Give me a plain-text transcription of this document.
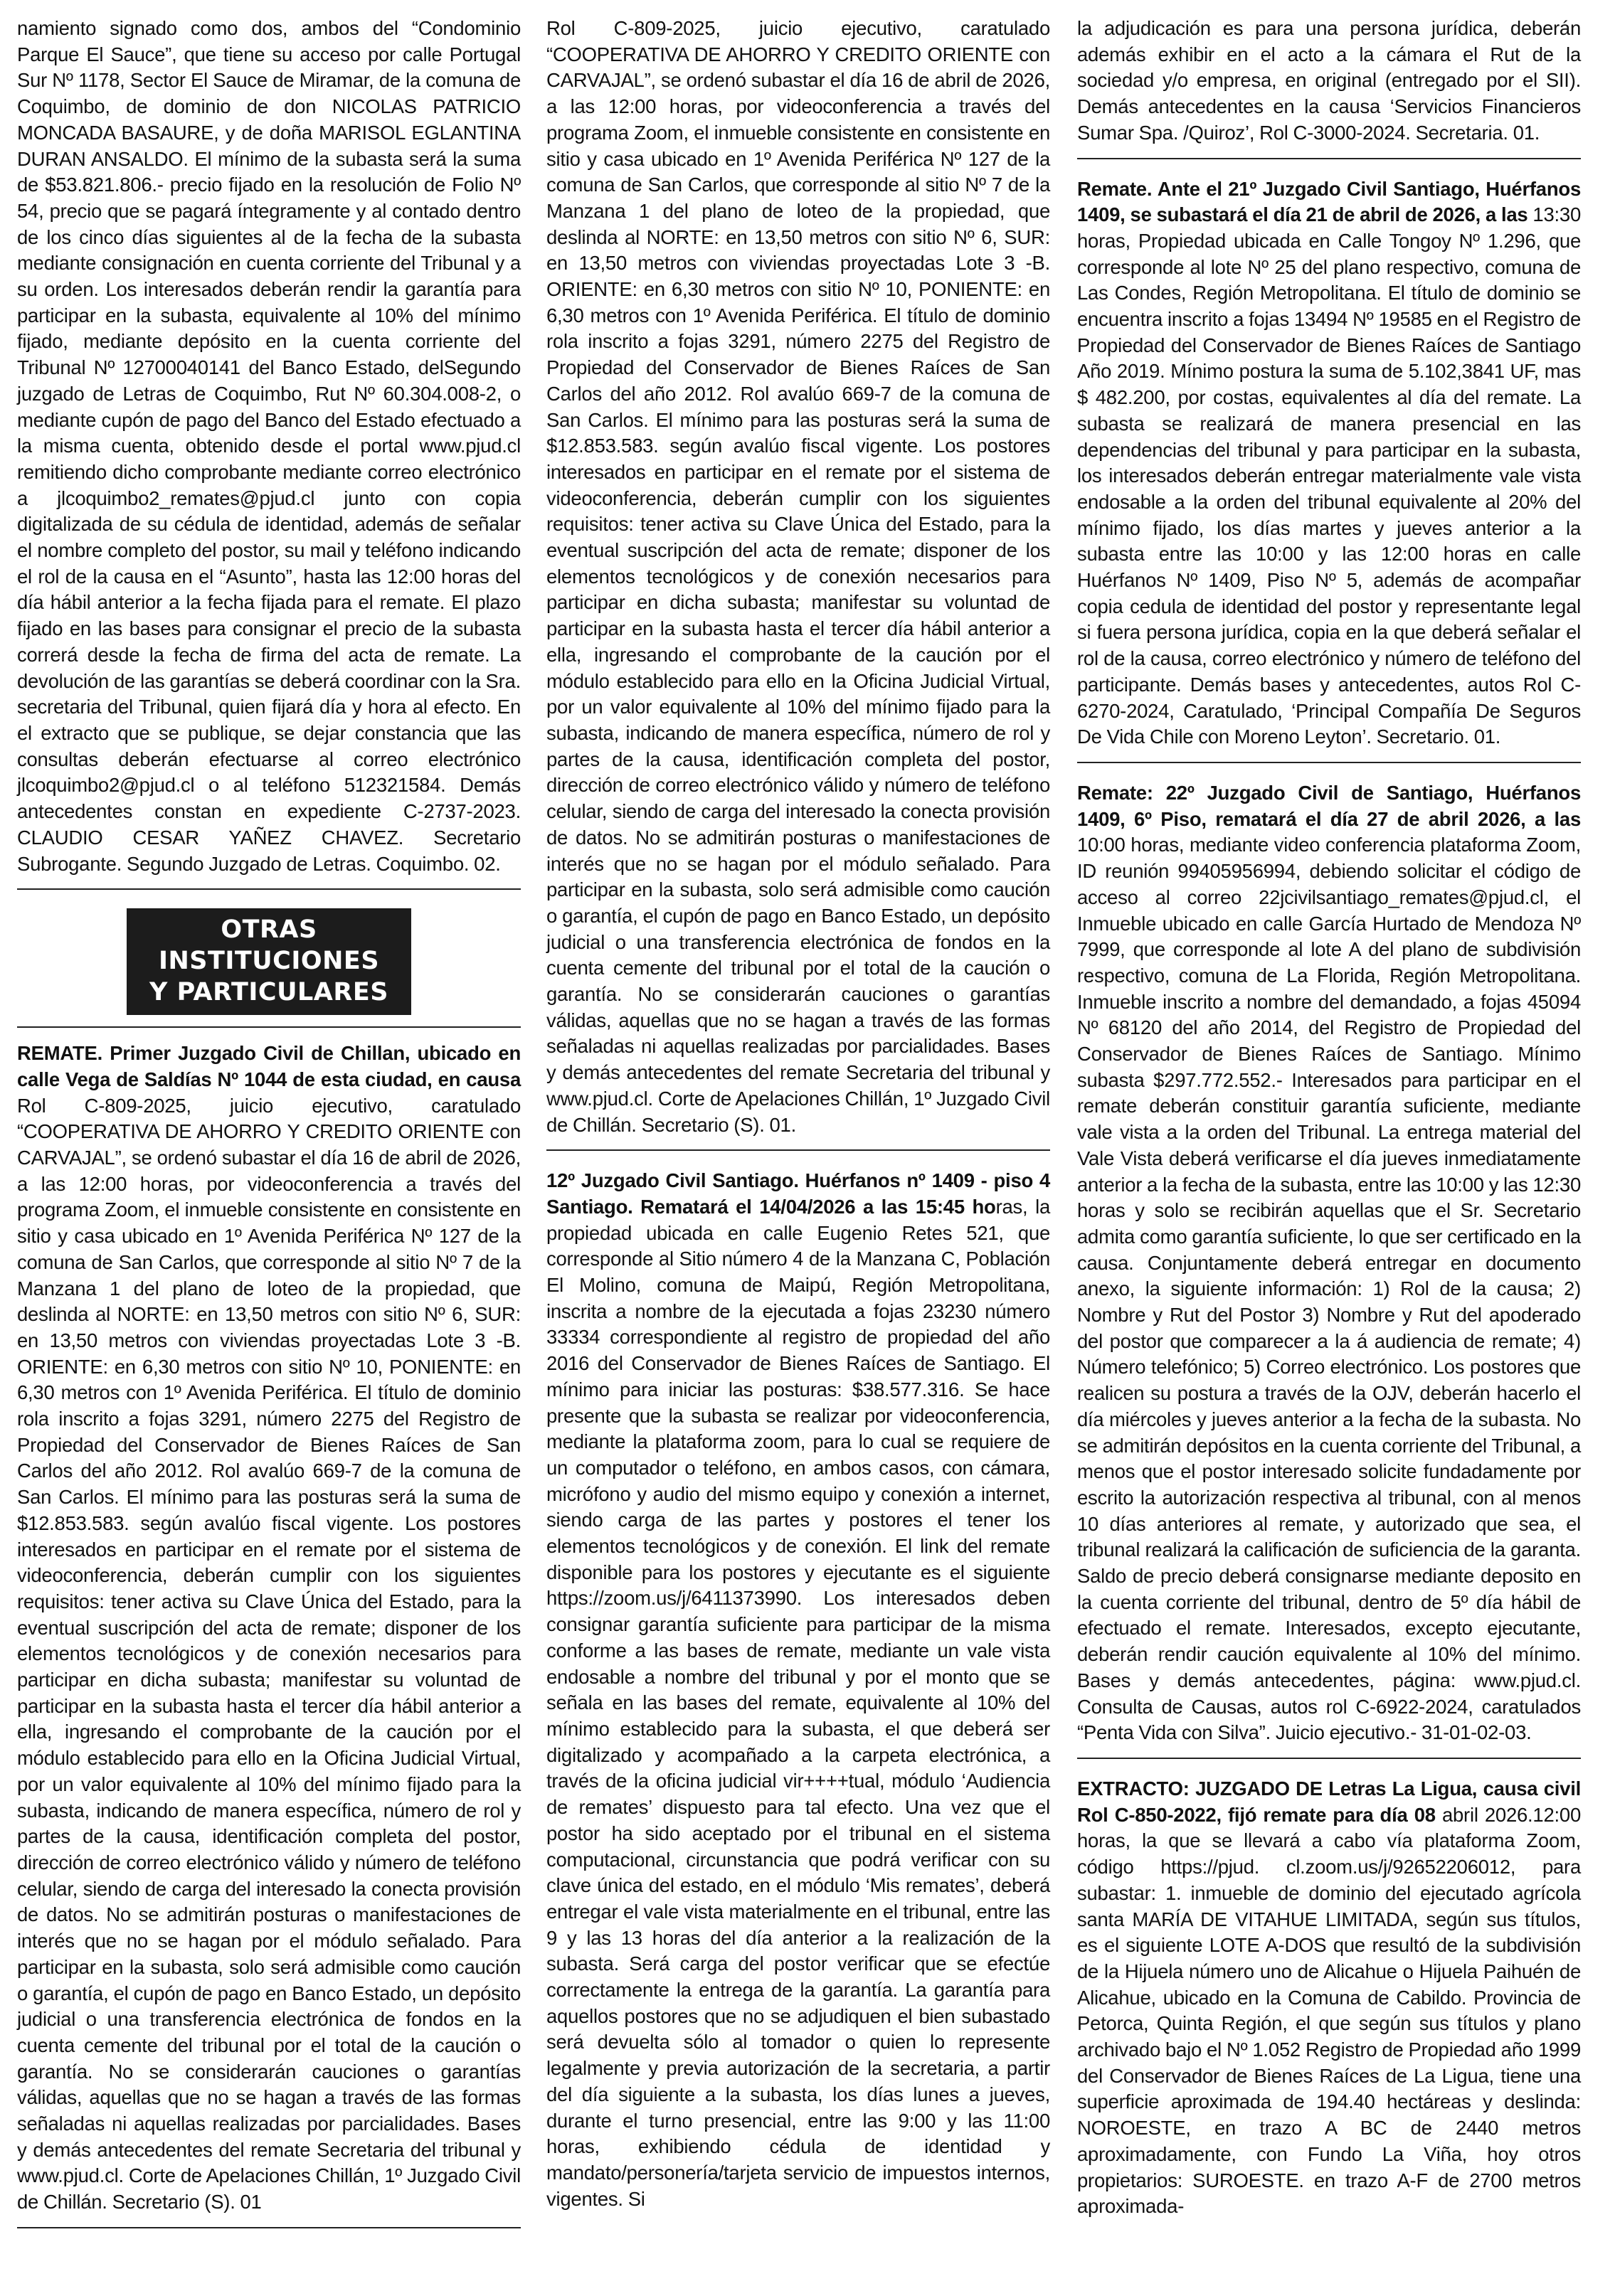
namiento signado como dos, ambos del “Condominio Parque El Sauce”, que tiene su acceso por calle Portugal Sur Nº 1178, Sector El Sauce de Miramar, de la comuna de Coquimbo, de dominio de don NICOLAS PATRICIO MONCADA BASAURE, y de doña MARISOL EGLANTINA DURAN ANSALDO. El mínimo de la subasta será la suma de $53.821.806.- precio fijado en la resolución de Folio Nº 54, precio que se pagará íntegramente y al contado dentro de los cinco días siguientes al de la fecha de la subasta mediante consignación en cuenta corriente del Tribunal y a su orden. Los interesados deberán rendir la garantía para participar en la subasta, equivalente al 10% del mínimo fijado, mediante depósito en la cuenta corriente del Tribunal Nº 12700040141 del Banco Estado, delSegundo juzgado de Letras de Coquimbo, Rut Nº 60.304.008-2, o mediante cupón de pago del Banco del Estado efectuado a la misma cuenta, obtenido desde el portal www.pjud.cl remitiendo dicho comprobante mediante correo electrónico a jlcoquimbo2_remates@pjud.cl junto con copia digitalizada de su cédula de identidad, además de señalar el nombre completo del postor, su mail y teléfono indicando el rol de la causa en el “Asunto”, hasta las 12:00 horas del día hábil anterior a la fecha fijada para el remate. El plazo fijado en las bases para consignar el precio de la subasta correrá desde la fecha de firma del acta de remate. La devolución de las garantías se deberá coordinar con la Sra. secretaria del Tribunal, quien fijará día y hora al efecto. En el extracto que se publique, se dejar constancia que las consultas deberán efectuarse al correo electrónico jlcoquimbo2@pjud.cl o al teléfono 512321584. Demás antecedentes constan en expediente C-2737-2023. CLAUDIO CESAR YAÑEZ CHAVEZ. Secretario Subrogante. Segundo Juzgado de Letras. Coquimbo. 02.

OTRAS INSTITUCIONES
Y PARTICULARES

REMATE. Primer Juzgado Civil de Chillan, ubicado en calle Vega de Saldías Nº 1044 de esta ciudad, en causa Rol C-809-2025, juicio ejecutivo, caratulado “COOPERATIVA DE AHORRO Y CREDITO ORIENTE con CARVAJAL”, se ordenó subastar el día 16 de abril de 2026, a las 12:00 horas, por videoconferencia a través del programa Zoom, el inmueble consistente en consistente en sitio y casa ubicado en 1º Avenida Periférica Nº 127 de la comuna de San Carlos, que corresponde al sitio Nº 7 de la Manzana 1 del plano de loteo de la propiedad, que deslinda al NORTE: en 13,50 metros con sitio Nº 6, SUR: en 13,50 metros con viviendas proyectadas Lote 3 -B. ORIENTE: en 6,30 metros con sitio Nº 10, PONIENTE: en 6,30 metros con 1º Avenida Periférica. El título de dominio rola inscrito a fojas 3291, número 2275 del Registro de Propiedad del Conservador de Bienes Raíces de San Carlos del año 2012. Rol avalúo 669-7 de la comuna de San Carlos. El mínimo para las posturas será la suma de $12.853.583. según avalúo fiscal vigente. Los postores interesados en participar en el remate por el sistema de videoconferencia, deberán cumplir con los siguientes requisitos: tener activa su Clave Única del Estado, para la eventual suscripción del acta de remate; disponer de los elementos tecnológicos y de conexión necesarios para participar en dicha subasta; manifestar su voluntad de participar en la subasta hasta el tercer día hábil anterior a ella, ingresando el comprobante de la caución por el módulo establecido para ello en la Oficina Judicial Virtual, por un valor equivalente al 10% del mínimo fijado para la subasta, indicando de manera específica, número de rol y partes de la causa, identificación completa del postor, dirección de correo electrónico válido y número de teléfono celular, siendo de carga del interesado la conecta provisión de datos. No se admitirán posturas o manifestaciones de interés que no se hagan por el módulo señalado. Para participar en la subasta, solo será admisible como caución o garantía, el cupón de pago en Banco Estado, un depósito judicial o una transferencia electrónica de fondos en la cuenta cemente del tribunal por el total de la caución o garantía. No se considerarán cauciones o garantías válidas, aquellas que no se hagan a través de las formas señaladas ni aquellas realizadas por parcialidades. Bases y demás antecedentes del remate Secretaria del tribunal y www.pjud.cl. Corte de Apelaciones Chillán, 1º Juzgado Civil de Chillán. Secretario (S). 01

Rol C-809-2025, juicio ejecutivo, caratulado “COOPERATIVA DE AHORRO Y CREDITO ORIENTE con CARVAJAL”, se ordenó subastar el día 16 de abril de 2026, a las 12:00 horas, por videoconferencia a través del programa Zoom, el inmueble consistente en consistente en sitio y casa ubicado en 1º Avenida Periférica Nº 127 de la comuna de San Carlos, que corresponde al sitio Nº 7 de la Manzana 1 del plano de loteo de la propiedad, que deslinda al NORTE: en 13,50 metros con sitio Nº 6, SUR: en 13,50 metros con viviendas proyectadas Lote 3 -B. ORIENTE: en 6,30 metros con sitio Nº 10, PONIENTE: en 6,30 metros con 1º Avenida Periférica. El título de dominio rola inscrito a fojas 3291, número 2275 del Registro de Propiedad del Conservador de Bienes Raíces de San Carlos del año 2012. Rol avalúo 669-7 de la comuna de San Carlos. El mínimo para las posturas será la suma de $12.853.583. según avalúo fiscal vigente. Los postores interesados en participar en el remate por el sistema de videoconferencia, deberán cumplir con los siguientes requisitos: tener activa su Clave Única del Estado, para la eventual suscripción del acta de remate; disponer de los elementos tecnológicos y de conexión necesarios para participar en dicha subasta; manifestar su voluntad de participar en la subasta hasta el tercer día hábil anterior a ella, ingresando el comprobante de la caución por el módulo establecido para ello en la Oficina Judicial Virtual, por un valor equivalente al 10% del mínimo fijado para la subasta, indicando de manera específica, número de rol y partes de la causa, identificación completa del postor, dirección de correo electrónico válido y número de teléfono celular, siendo de carga del interesado la conecta provisión de datos. No se admitirán posturas o manifestaciones de interés que no se hagan por el módulo señalado. Para participar en la subasta, solo será admisible como caución o garantía, el cupón de pago en Banco Estado, un depósito judicial o una transferencia electrónica de fondos en la cuenta cemente del tribunal por el total de la caución o garantía. No se considerarán cauciones o garantías válidas, aquellas que no se hagan a través de las formas señaladas ni aquellas realizadas por parcialidades. Bases y demás antecedentes del remate Secretaria del tribunal y www.pjud.cl. Corte de Apelaciones Chillán, 1º Juzgado Civil de Chillán. Secretario (S). 01.

12º Juzgado Civil Santiago. Huérfanos nº 1409 - piso 4 Santiago. Rematará el 14/04/2026 a las 15:45 horas, la propiedad ubicada en calle Eugenio Retes 521, que corresponde al Sitio número 4 de la Manzana C, Población El Molino, comuna de Maipú, Región Metropolitana, inscrita a nombre de la ejecutada a fojas 23230 número 33334 correspondiente al registro de propiedad del año 2016 del Conservador de Bienes Raíces de Santiago. El mínimo para iniciar las posturas: $38.577.316. Se hace presente que la subasta se realizar por videoconferencia, mediante la plataforma zoom, para lo cual se requiere de un computador o teléfono, en ambos casos, con cámara, micrófono y audio del mismo equipo y conexión a internet, siendo carga de las partes y postores el tener los elementos tecnológicos y de conexión. El link del remate disponible para los postores y ejecutante es el siguiente https://zoom.us/j/6411373990. Los interesados deben consignar garantía suficiente para participar de la misma conforme a las bases de remate, mediante un vale vista endosable a nombre del tribunal y por el monto que se señala en las bases del remate, equivalente al 10% del mínimo establecido para la subasta, el que deberá ser digitalizado y acompañado a la carpeta electrónica, a través de la oficina judicial vir++++tual, módulo ‘Audiencia de remates’ dispuesto para tal efecto. Una vez que el postor ha sido aceptado por el tribunal en el sistema computacional, circunstancia que podrá verificar con su clave única del estado, en el módulo ‘Mis remates’, deberá entregar el vale vista materialmente en el tribunal, entre las 9 y las 13 horas del día anterior a la realización de la subasta. Será carga del postor verificar que se efectúe correctamente la entrega de la garantía. La garantía para aquellos postores que no se adjudiquen el bien subastado será devuelta sólo al tomador o quien lo represente legalmente y previa autorización de la secretaria, a partir del día siguiente a la subasta, los días lunes a jueves, durante el turno presencial, entre las 9:00 y las 11:00 horas, exhibiendo cédula de identidad y mandato/personería/tarjeta servicio de impuestos internos, vigentes. Si

la adjudicación es para una persona jurídica, deberán además exhibir en el acto a la cámara el Rut de la sociedad y/o empresa, en original (entregado por el SII). Demás antecedentes en la causa ‘Servicios Financieros Sumar Spa. /Quiroz’, Rol C-3000-2024. Secretaria. 01.

Remate. Ante el 21º Juzgado Civil Santiago, Huérfanos 1409, se subastará el día 21 de abril de 2026, a las 13:30 horas, Propiedad ubicada en Calle Tongoy Nº 1.296, que corresponde al lote Nº 25 del plano respectivo, comuna de Las Condes, Región Metropolitana. El título de dominio se encuentra inscrito a fojas 13494 Nº 19585 en el Registro de Propiedad del Conservador de Bienes Raíces de Santiago Año 2019. Mínimo postura la suma de 5.102,3841 UF, mas $ 482.200, por costas, equivalentes al día del remate. La subasta se realizará de manera presencial en las dependencias del tribunal y para participar en la subasta, los interesados deberán entregar materialmente vale vista endosable a la orden del tribunal equivalente al 20% del mínimo fijado, los días martes y jueves anterior a la subasta entre las 10:00 y las 12:00 horas en calle Huérfanos Nº 1409, Piso Nº 5, además de acompañar copia cedula de identidad del postor y representante legal si fuera persona jurídica, copia en la que deberá señalar el rol de la causa, correo electrónico y número de teléfono del participante. Demás bases y antecedentes, autos Rol C-6270-2024, Caratulado, ‘Principal Compañía De Seguros De Vida Chile con Moreno Leyton’. Secretario. 01.

Remate: 22º Juzgado Civil de Santiago, Huérfanos 1409, 6º Piso, rematará el día 27 de abril 2026, a las 10:00 horas, mediante video conferencia plataforma Zoom, ID reunión 99405956994, debiendo solicitar el código de acceso al correo 22jcivilsantiago_remates@pjud.cl, el Inmueble ubicado en calle García Hurtado de Mendoza Nº 7999, que corresponde al lote A del plano de subdivisión respectivo, comuna de La Florida, Región Metropolitana. Inmueble inscrito a nombre del demandado, a fojas 45094 Nº 68120 del año 2014, del Registro de Propiedad del Conservador de Bienes Raíces de Santiago. Mínimo subasta $297.772.552.- Interesados para participar en el remate deberán constituir garantía suficiente, mediante vale vista a la orden del Tribunal. La entrega material del Vale Vista deberá verificarse el día jueves inmediatamente anterior a la fecha de la subasta, entre las 10:00 y las 12:30 horas y solo se recibirán aquellas que el Sr. Secretario admita como garantía suficiente, lo que ser certificado en la causa. Conjuntamente deberá entregar en documento anexo, la siguiente información: 1) Rol de la causa; 2) Nombre y Rut del Postor 3) Nombre y Rut del apoderado del postor que comparecer a la á audiencia de remate; 4) Número telefónico; 5) Correo electrónico. Los postores que realicen su postura a través de la OJV, deberán hacerlo el día miércoles y jueves anterior a la fecha de la subasta. No se admitirán depósitos en la cuenta corriente del Tribunal, a menos que el postor interesado solicite fundadamente por escrito la autorización respectiva al tribunal, con al menos 10 días anteriores al remate, y autorizado que sea, el tribunal realizará la calificación de suficiencia de la garanta. Saldo de precio deberá consignarse mediante deposito en la cuenta corriente del tribunal, dentro de 5º día hábil de efectuado el remate. Interesados, excepto ejecutante, deberán rendir caución equivalente al 10% del mínimo. Bases y demás antecedentes, página: www.pjud.cl. Consulta de Causas, autos rol C-6922-2024, caratulados “Penta Vida con Silva”. Juicio ejecutivo.- 31-01-02-03.

EXTRACTO: JUZGADO DE Letras La Ligua, causa civil Rol C-850-2022, fijó remate para día 08 abril 2026.12:00 horas, la que se llevará a cabo vía plataforma Zoom, código https://pjud. cl.zoom.us/j/92652206012, para subastar: 1. inmueble de dominio del ejecutado agrícola santa MARÍA DE VITAHUE LIMITADA, según sus títulos, es el siguiente LOTE A-DOS que resultó de la subdivisión de la Hijuela número uno de Alicahue o Hijuela Paihuén de Alicahue, ubicado en la Comuna de Cabildo. Provincia de Petorca, Quinta Región, el que según sus títulos y plano archivado bajo el Nº 1.052 Registro de Propiedad año 1999 del Conservador de Bienes Raíces de La Ligua, tiene una superficie aproximada de 194.40 hectáreas y deslinda: NOROESTE, en trazo A BC de 2440 metros aproximadamente, con Fundo La Viña, hoy otros propietarios: SUROESTE. en trazo A-F de 2700 metros aproximada-
